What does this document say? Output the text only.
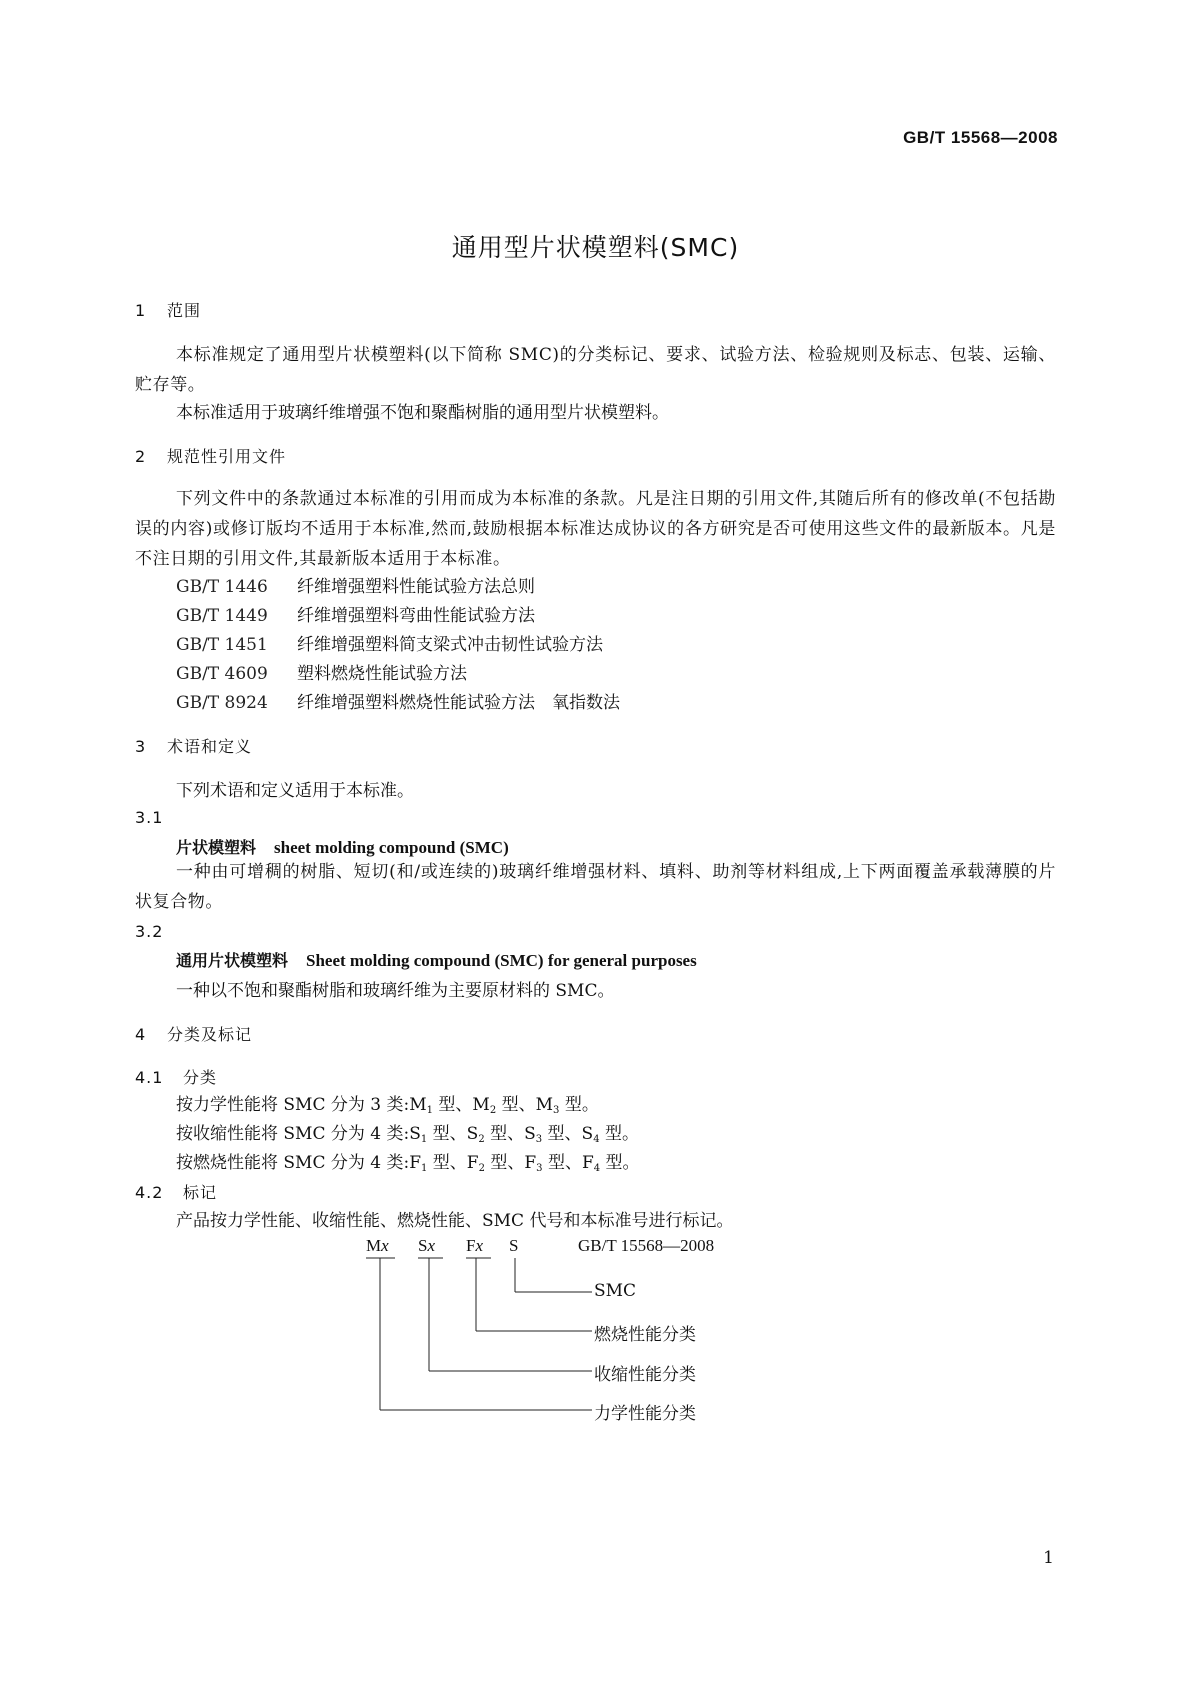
GB/T 15568—2008
通用型片状模塑料(SMC)
1 范围
本标准规定了通用型片状模塑料(以下简称 SMC)的分类标记、要求、试验方法、检验规则及标志、包装、运输、贮存等。
本标准适用于玻璃纤维增强不饱和聚酯树脂的通用型片状模塑料。
2 规范性引用文件
下列文件中的条款通过本标准的引用而成为本标准的条款。凡是注日期的引用文件,其随后所有的修改单(不包括勘误的内容)或修订版均不适用于本标准,然而,鼓励根据本标准达成协议的各方研究是否可使用这些文件的最新版本。凡是不注日期的引用文件,其最新版本适用于本标准。
GB/T 1446 纤维增强塑料性能试验方法总则
GB/T 1449 纤维增强塑料弯曲性能试验方法
GB/T 1451 纤维增强塑料简支梁式冲击韧性试验方法
GB/T 4609 塑料燃烧性能试验方法
GB/T 8924 纤维增强塑料燃烧性能试验方法　氧指数法
3 术语和定义
下列术语和定义适用于本标准。
3.1
片状模塑料 sheet molding compound (SMC)
一种由可增稠的树脂、短切(和/或连续的)玻璃纤维增强材料、填料、助剂等材料组成,上下两面覆盖承载薄膜的片状复合物。
3.2
通用片状模塑料 Sheet molding compound (SMC) for general purposes
一种以不饱和聚酯树脂和玻璃纤维为主要原材料的 SMC。
4 分类及标记
4.1 分类
按力学性能将 SMC 分为 3 类$:M_1$ 型、$M_2$ 型、$M_3$ 型。
按收缩性能将 SMC 分为 4 类$:S_1$ 型、$S_2$ 型、$S_3$ 型、$S_4$ 型。
按燃烧性能将 SMC 分为 4 类$:F_1$ 型、$F_2$ 型、$F_3$ 型、$F_4$ 型。
4.2 标记
产品按力学性能、收缩性能、燃烧性能、SMC 代号和本标准号进行标记。
Mx Sx Fx S	GB/T 15568—2008
SMC
燃烧性能分类
收缩性能分类
力学性能分类
1
